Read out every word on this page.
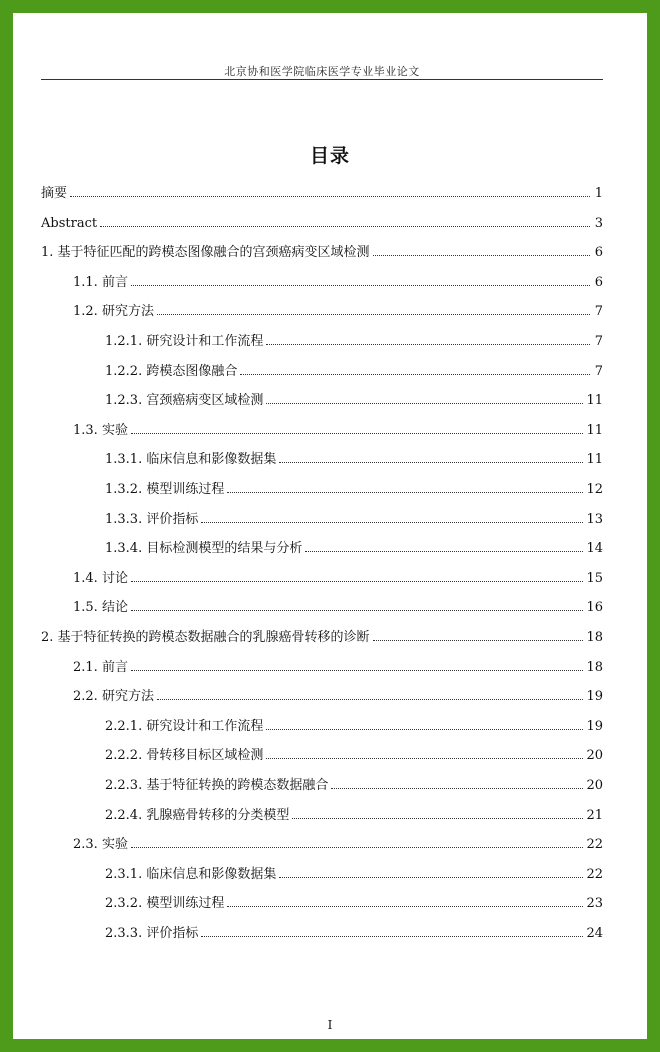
北京协和医学院临床医学专业毕业论文
目录
摘要	1
Abstract	3
1. 基于特征匹配的跨模态图像融合的宫颈癌病变区域检测	6
1.1. 前言	6
1.2. 研究方法	7
1.2.1. 研究设计和工作流程	7
1.2.2. 跨模态图像融合	7
1.2.3. 宫颈癌病变区域检测	11
1.3. 实验	11
1.3.1. 临床信息和影像数据集	11
1.3.2. 模型训练过程	12
1.3.3. 评价指标	13
1.3.4. 目标检测模型的结果与分析	14
1.4. 讨论	15
1.5. 结论	16
2. 基于特征转换的跨模态数据融合的乳腺癌骨转移的诊断	18
2.1. 前言	18
2.2. 研究方法	19
2.2.1. 研究设计和工作流程	19
2.2.2. 骨转移目标区域检测	20
2.2.3. 基于特征转换的跨模态数据融合	20
2.2.4. 乳腺癌骨转移的分类模型	21
2.3. 实验	22
2.3.1. 临床信息和影像数据集	22
2.3.2. 模型训练过程	23
2.3.3. 评价指标	24
I
